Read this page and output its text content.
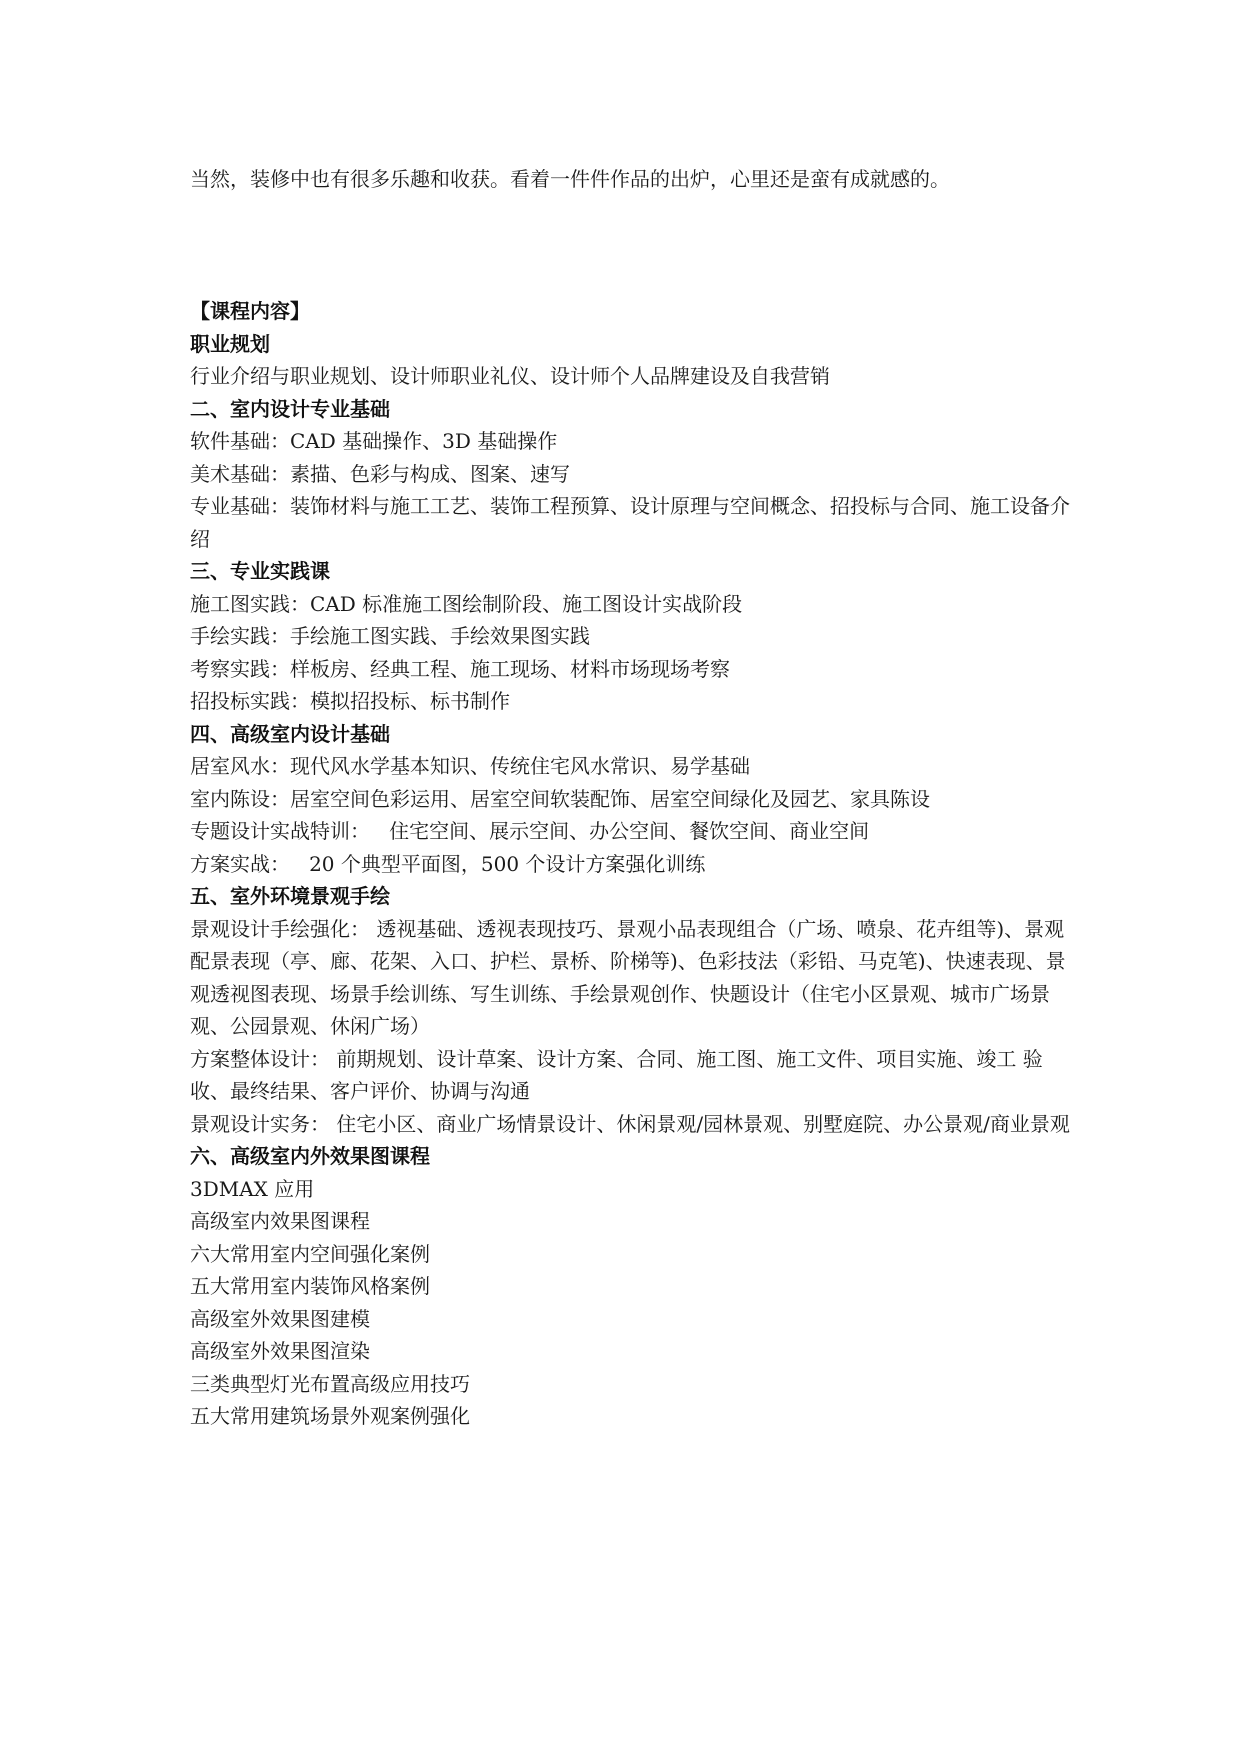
当然，装修中也有很多乐趣和收获。看着一件件作品的出炉，心里还是蛮有成就感的。

【课程内容】

职业规划

行业介绍与职业规划、设计师职业礼仪、设计师个人品牌建设及自我营销

二、室内设计专业基础

软件基础：CAD 基础操作、3D 基础操作

美术基础：素描、色彩与构成、图案、速写

专业基础：装饰材料与施工工艺、装饰工程预算、设计原理与空间概念、招投标与合同、施工设备介绍

三、专业实践课

施工图实践：CAD 标准施工图绘制阶段、施工图设计实战阶段

手绘实践：手绘施工图实践、手绘效果图实践

考察实践：样板房、经典工程、施工现场、材料市场现场考察

招投标实践：模拟招投标、标书制作

四、高级室内设计基础

居室风水：现代风水学基本知识、传统住宅风水常识、易学基础

室内陈设：居室空间色彩运用、居室空间软装配饰、居室空间绿化及园艺、家具陈设

专题设计实战特训：   住宅空间、展示空间、办公空间、餐饮空间、商业空间

方案实战：   20 个典型平面图，500 个设计方案强化训练

五、室外环境景观手绘

景观设计手绘强化： 透视基础、透视表现技巧、景观小品表现组合（广场、喷泉、花卉组等)、景观配景表现（亭、廊、花架、入口、护栏、景桥、阶梯等)、色彩技法（彩铅、马克笔)、快速表现、景观透视图表现、场景手绘训练、写生训练、手绘景观创作、快题设计（住宅小区景观、城市广场景观、公园景观、休闲广场）

方案整体设计： 前期规划、设计草案、设计方案、合同、施工图、施工文件、项目实施、竣工 验收、最终结果、客户评价、协调与沟通

景观设计实务： 住宅小区、商业广场情景设计、休闲景观/园林景观、别墅庭院、办公景观/商业景观

六、高级室内外效果图课程

3DMAX 应用

高级室内效果图课程

六大常用室内空间强化案例

五大常用室内装饰风格案例

高级室外效果图建模

高级室外效果图渲染

三类典型灯光布置高级应用技巧

五大常用建筑场景外观案例强化
